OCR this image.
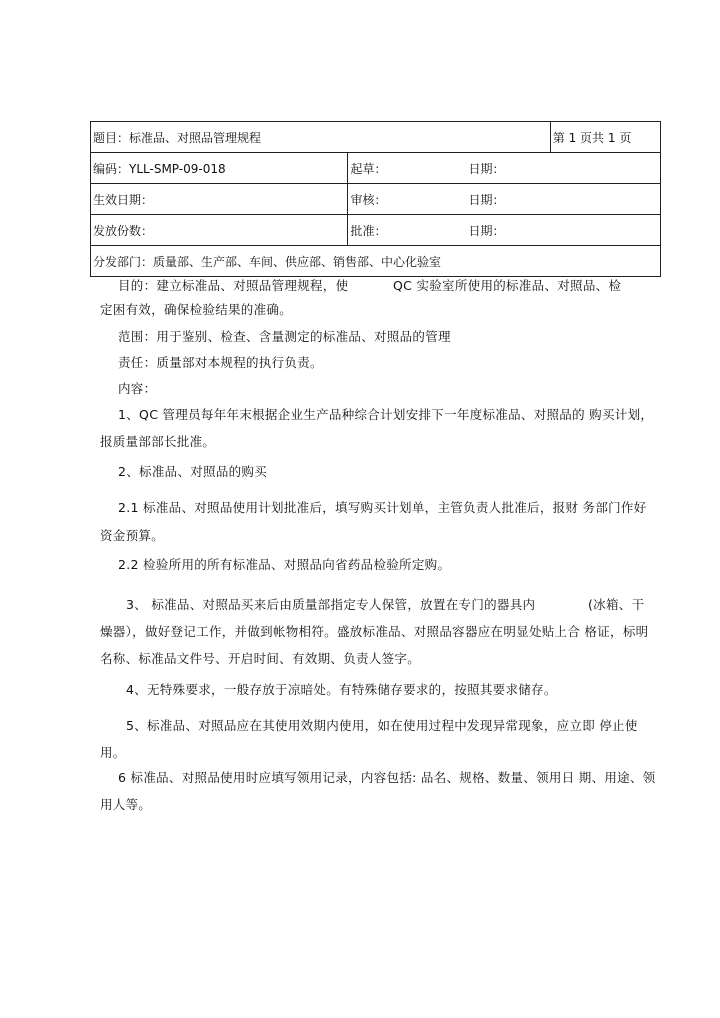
题目：标准品、对照品管理规程		第 1 页共 1 页
编码：YLL-SMP-09-018	起草： 日期：	
生效日期：	审核： 日期：	
发放份数：	批准： 日期：	
分发部门：质量部、生产部、车间、供应部、销售部、中心化验室		
目的：建立标准品、对照品管理规程，使	QC 实验室所使用的标准品、对照品、检
定困有效，确保检验结果的准确。
范围：用于鉴别、检查、含量测定的标准品、对照品的管理
责任：质量部对本规程的执行负责。
内容：
1、QC 管理员每年年末根据企业生产品种综合计划安排下一年度标准品、对照品的 购买计划，
报质量部部长批准。
2、标准品、对照品的购买
2.1 标准品、对照品使用计划批准后，填写购买计划单，主管负责人批准后，报财 务部门作好
资金预算。
2.2 检验所用的所有标准品、对照品向省药品检验所定购。
3、 标准品、对照品买来后由质量部指定专人保管，放置在专门的器具内	(冰箱、干
燥器），做好登记工作，并做到帐物相符。盛放标准品、对照品容器应在明显处贴上合 格证，标明
名称、标准品文件号、开启时间、有效期、负责人签字。
4、无特殊要求，一般存放于凉暗处。有特殊储存要求的，按照其要求储存。
5、标准品、对照品应在其使用效期内使用，如在使用过程中发现异常现象，应立即 停止使
用。
6 标准品、对照品使用时应填写领用记录，内容包括: 品名、规格、数量、领用日 期、用途、领
用人等。
